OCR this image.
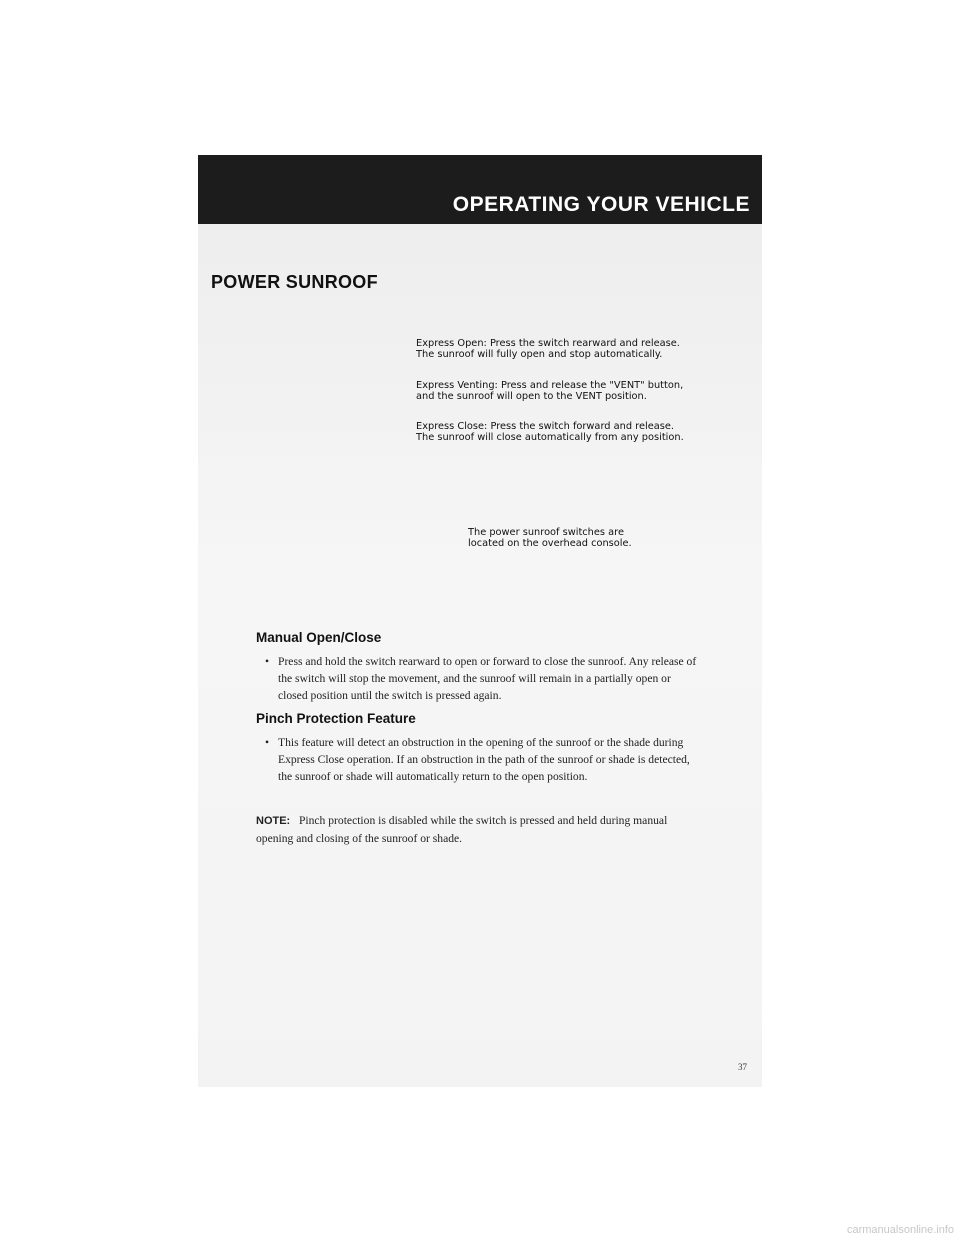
OPERATING YOUR VEHICLE
POWER SUNROOF
Express Open: Press the switch rearward and release.
The sunroof will fully open and stop automatically.
Express Venting: Press and release the "VENT" button,
and the sunroof will open to the VENT position.
Express Close: Press the switch forward and release.
The sunroof will close automatically from any position.
The power sunroof switches are
located on the overhead console.
Manual Open/Close
• Press and hold the switch rearward to open or forward to close the sunroof. Any release of
the switch will stop the movement, and the sunroof will remain in a partially open or
closed position until the switch is pressed again.
Pinch Protection Feature
• This feature will detect an obstruction in the opening of the sunroof or the shade during
Express Close operation. If an obstruction in the path of the sunroof or shade is detected,
the sunroof or shade will automatically return to the open position.
NOTE: Pinch protection is disabled while the switch is pressed and held during manual
opening and closing of the sunroof or shade.
37
carmanualsonline.info
